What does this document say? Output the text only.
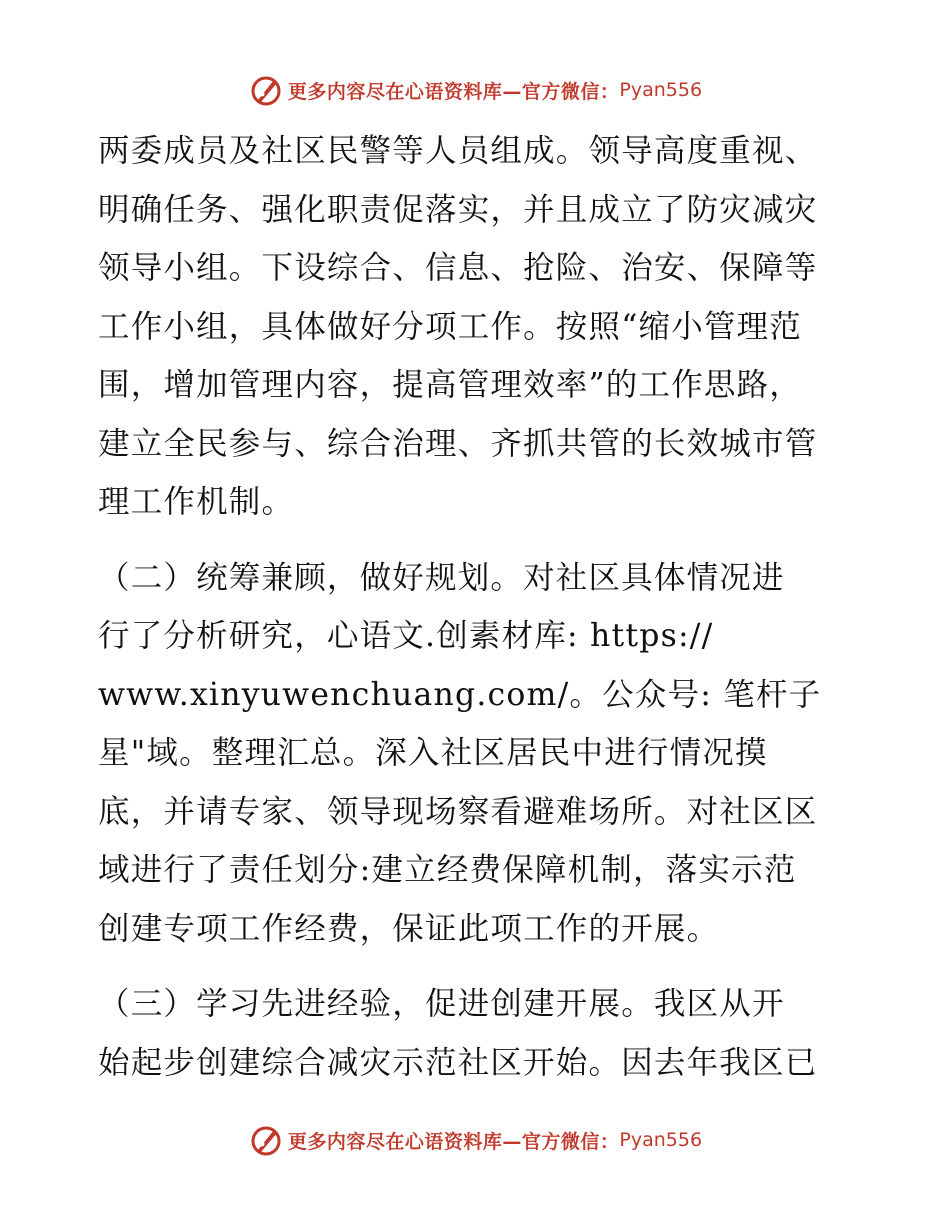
更多内容尽在心语资料库—官方微信： Pyan556
两委成员及社区民警等人员组成。领导高度重视、
明确任务、强化职责促落实，并且成立了防灾减灾
领导小组。下设综合、信息、抢险、治安、保障等
工作小组，具体做好分项工作。按照“缩小管理范
围，增加管理内容，提高管理效率”的工作思路，
建立全民参与、综合治理、齐抓共管的长效城市管
理工作机制。
（二）统筹兼顾，做好规划。对社区具体情况进
行了分析研究，心语文.创素材库: https://
www.xinyuwenchuang.com/。公众号: 笔杆子
星"域。整理汇总。深入社区居民中进行情况摸
底，并请专家、领导现场察看避难场所。对社区区
域进行了责任划分:建立经费保障机制，落实示范
创建专项工作经费，保证此项工作的开展。
（三）学习先进经验，促进创建开展。我区从开
始起步创建综合减灾示范社区开始。因去年我区已
更多内容尽在心语资料库—官方微信： Pyan556
